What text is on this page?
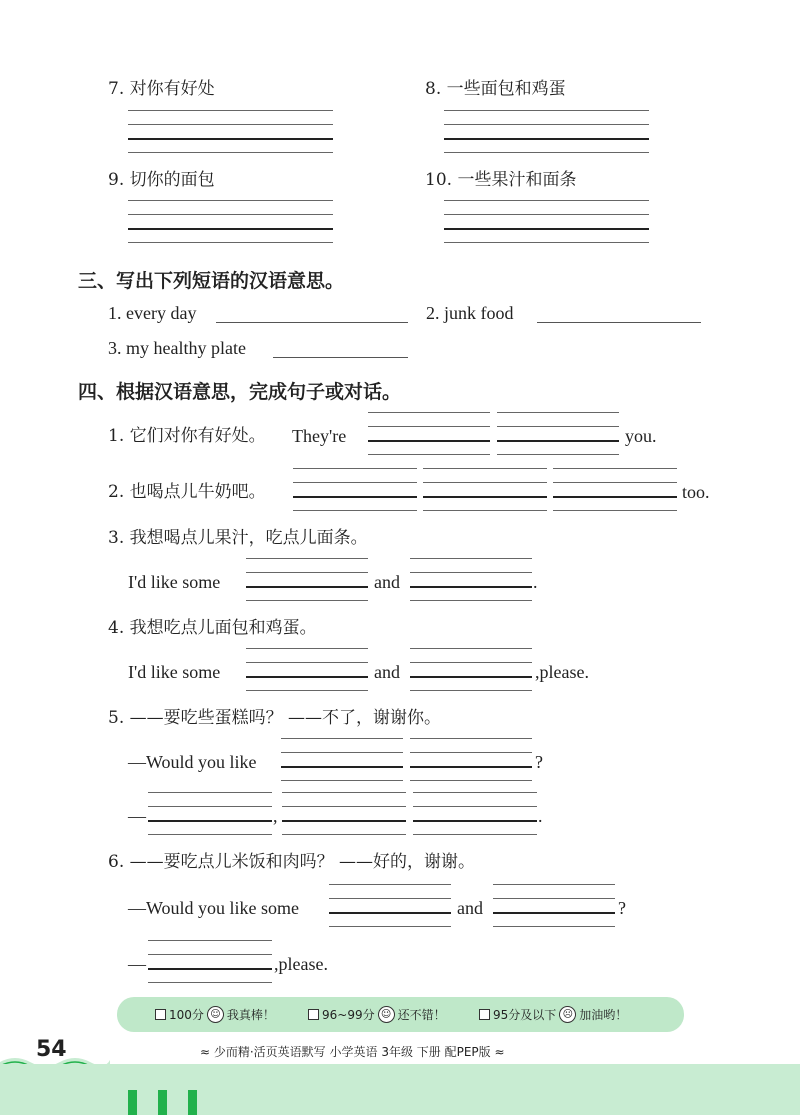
7. 对你有好处	8. 一些面包和鸡蛋
9. 切你的面包	10. 一些果汁和面条
三、写出下列短语的汉语意思。
1. every day	2. junk food
3. my healthy plate
四、根据汉语意思，完成句子或对话。
1. 它们对你有好处。 They're	you.
2. 也喝点儿牛奶吧。	too.
3. 我想喝点儿果汁，吃点儿面条。
I'd like some	and	.
4. 我想吃点儿面包和鸡蛋。
I'd like some	and	,please.
5. ——要吃些蛋糕吗？ ——不了，谢谢你。
—Would you like	?
—	,	.
6. ——要吃点儿米饭和肉吗？ ——好的，谢谢。
—Would you like some	and	?
—	,please.
100分 ☺ 我真棒！	96~99分 ☺ 还不错！	95分及以下 ☹ 加油哟！
54	≈ 少而精·活页英语默写 小学英语 3年级 下册 配PEP版 ≈
